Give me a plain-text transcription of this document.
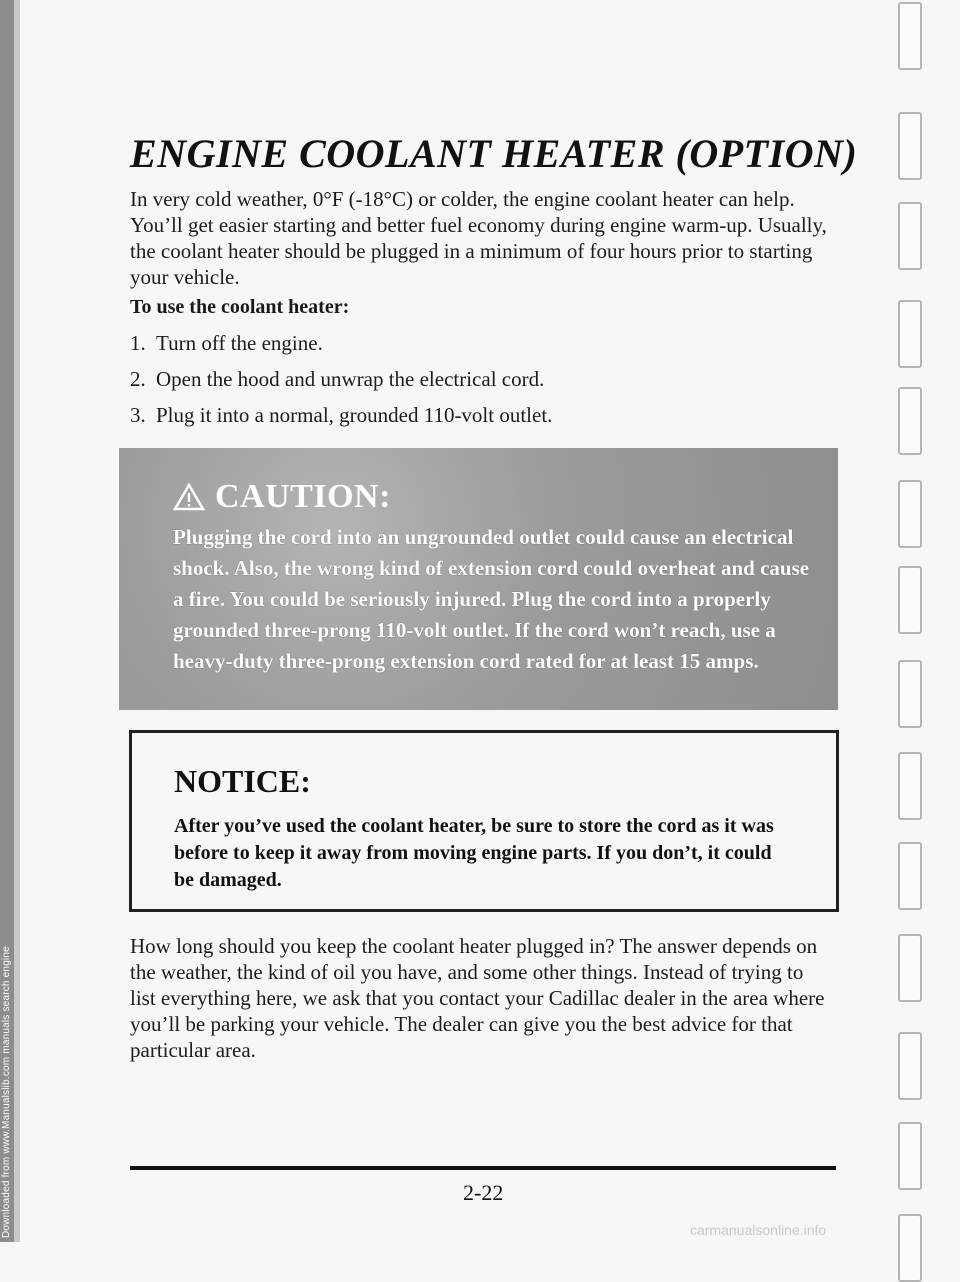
Downloaded from www.Manualslib.com manuals search engine
ENGINE COOLANT HEATER (OPTION)

In very cold weather, 0°F (-18°C) or colder, the engine coolant heater can help. You’ll get easier starting and better fuel economy during engine warm-up. Usually, the coolant heater should be plugged in a minimum of four hours prior to starting your vehicle.

To use the coolant heater:

1. Turn off the engine.
2. Open the hood and unwrap the electrical cord.
3. Plug it into a normal, grounded 110-volt outlet.
CAUTION:
Plugging the cord into an ungrounded outlet could cause an electrical shock. Also, the wrong kind of extension cord could overheat and cause a fire. You could be seriously injured. Plug the cord into a properly grounded three-prong 110-volt outlet. If the cord won’t reach, use a heavy-duty three-prong extension cord rated for at least 15 amps.
NOTICE:
After you’ve used the coolant heater, be sure to store the cord as it was before to keep it away from moving engine parts. If you don’t, it could be damaged.

How long should you keep the coolant heater plugged in? The answer depends on the weather, the kind of oil you have, and some other things. Instead of trying to list everything here, we ask that you contact your Cadillac dealer in the area where you’ll be parking your vehicle. The dealer can give you the best advice for that particular area.

2-22
carmanualsonline.info
